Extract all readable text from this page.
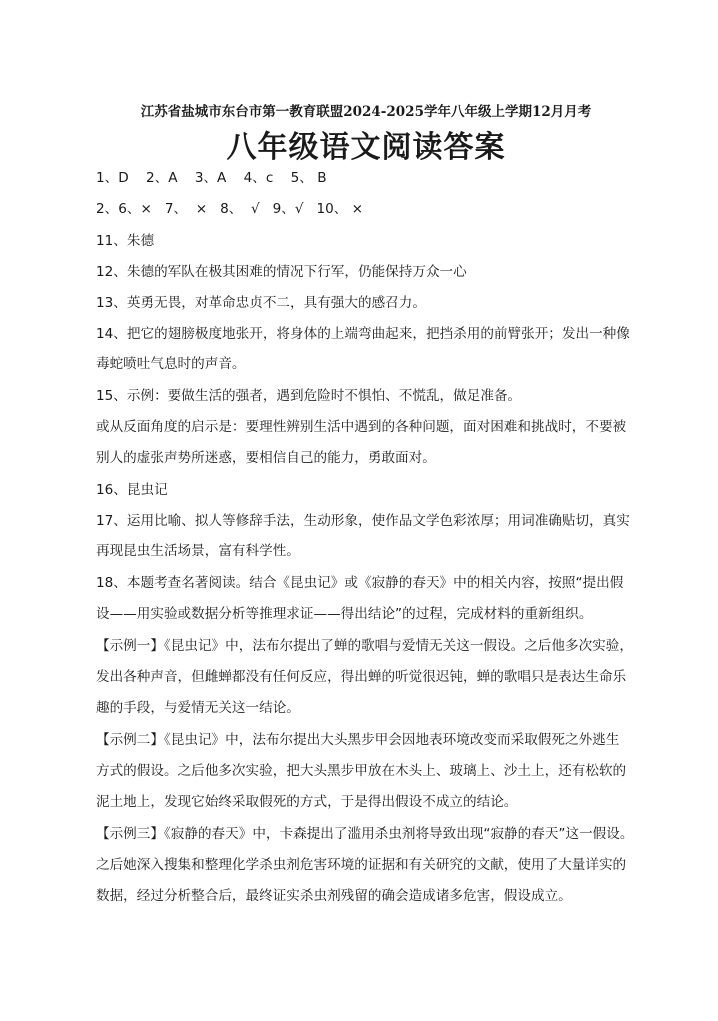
江苏省盐城市东台市第一教育联盟2024-2025学年八年级上学期12月月考
八年级语文阅读答案
1、D    2、A    3、A    4、c    5、 B
2、6、×   7、  ×   8、  √   9、√   10、 ×
11、朱德
12、朱德的军队在极其困难的情况下行军，仍能保持万众一心
13、英勇无畏，对革命忠贞不二，具有强大的感召力。
14、把它的翅膀极度地张开，将身体的上端弯曲起来，把挡杀用的前臂张开；发出一种像
毒蛇喷吐气息时的声音。
15、示例：要做生活的强者，遇到危险时不惧怕、不慌乱，做足准备。
或从反面角度的启示是：要理性辨别生活中遇到的各种问题，面对困难和挑战时，不要被
别人的虚张声势所迷惑，要相信自己的能力，勇敢面对。
16、昆虫记
17、运用比喻、拟人等修辞手法，生动形象，使作品文学色彩浓厚；用词准确贴切，真实
再现昆虫生活场景，富有科学性。
18、本题考查名著阅读。结合《昆虫记》或《寂静的春天》中的相关内容，按照“提出假
设——用实验或数据分析等推理求证——得出结论”的过程，完成材料的重新组织。
【示例一】《昆虫记》中，法布尔提出了蝉的歌唱与爱情无关这一假设。之后他多次实验，
发出各种声音，但雌蝉都没有任何反应，得出蝉的听觉很迟钝，蝉的歌唱只是表达生命乐
趣的手段，与爱情无关这一结论。
【示例二】《昆虫记》中，法布尔提出大头黑步甲会因地表环境改变而采取假死之外逃生
方式的假设。之后他多次实验，把大头黑步甲放在木头上、玻璃上、沙土上，还有松软的
泥土地上，发现它始终采取假死的方式，于是得出假设不成立的结论。
【示例三】《寂静的春天》中，卡森提出了滥用杀虫剂将导致出现“寂静的春天”这一假设。
之后她深入搜集和整理化学杀虫剂危害环境的证据和有关研究的文献，使用了大量详实的
数据，经过分析整合后，最终证实杀虫剂残留的确会造成诸多危害，假设成立。
